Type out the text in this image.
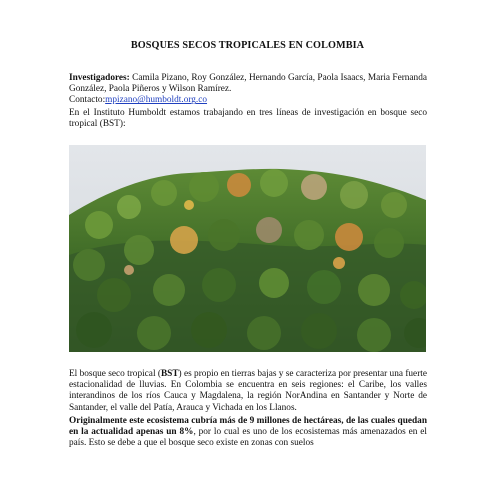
BOSQUES SECOS TROPICALES EN COLOMBIA
Investigadores: Camila Pizano, Roy González, Hernando García, Paola Isaacs, Maria Fernanda González, Paola Piñeros y Wilson Ramírez.
Contacto:mpizano@humboldt.org.co
En el Instituto Humboldt estamos trabajando en tres líneas de investigación en bosque seco tropical (BST):
El bosque seco tropical (BST) es propio en tierras bajas y se caracteriza por presentar una fuerte estacionalidad de lluvias. En Colombia se encuentra en seis regiones: el Caribe, los valles interandinos de los ríos Cauca y Magdalena, la región NorAndina en Santander y Norte de Santander, el valle del Patía, Arauca y Vichada en los Llanos.
Originalmente este ecosistema cubría más de 9 millones de hectáreas, de las cuales quedan en la actualidad apenas un 8%, por lo cual es uno de los ecosistemas más amenazados en el país. Esto se debe a que el bosque seco existe en zonas con suelos
